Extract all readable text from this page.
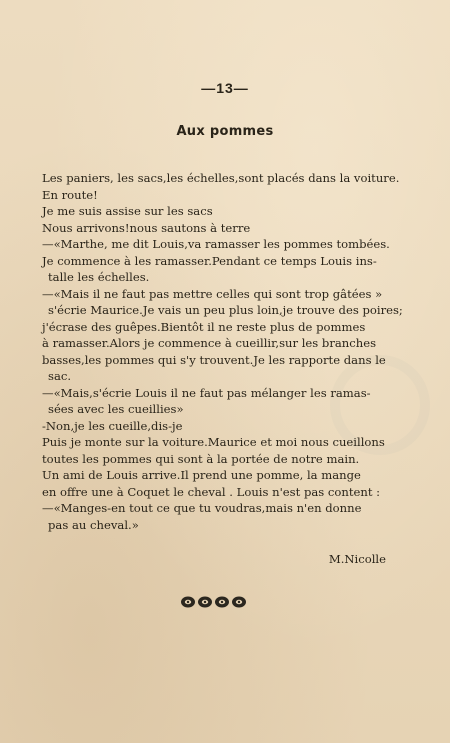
—13—
Aux pommes
Les paniers, les sacs,les échelles,sont placés dans la voiture.
En route!
Je me suis assise sur les sacs
Nous arrivons!nous sautons à terre
—«Marthe, me dit Louis,va ramasser les pommes tombées.
Je commence à les ramasser.Pendant ce temps Louis ins-
talle les échelles.
—«Mais il ne faut pas mettre celles qui sont trop gâtées »
s'écrie Maurice.Je vais un peu plus loin,je trouve des poires;
j'écrase des guêpes.Bientôt il ne reste plus de pommes
à ramasser.Alors je commence à cueillir,sur les branches
basses,les pommes qui s'y trouvent.Je les rapporte dans le
sac.
—«Mais,s'écrie Louis il ne faut pas mélanger les ramas-
sées avec les cueillies»
-Non,je les cueille,dis-je
Puis je monte sur la voiture.Maurice et moi nous cueillons
toutes les pommes qui sont à la portée de notre main.
Un ami de Louis arrive.Il prend une pomme, la mange
en offre une à Coquet le cheval . Louis n'est pas content :
—«Manges-en tout ce que tu voudras,mais n'en donne
pas au cheval.»
M.Nicolle
